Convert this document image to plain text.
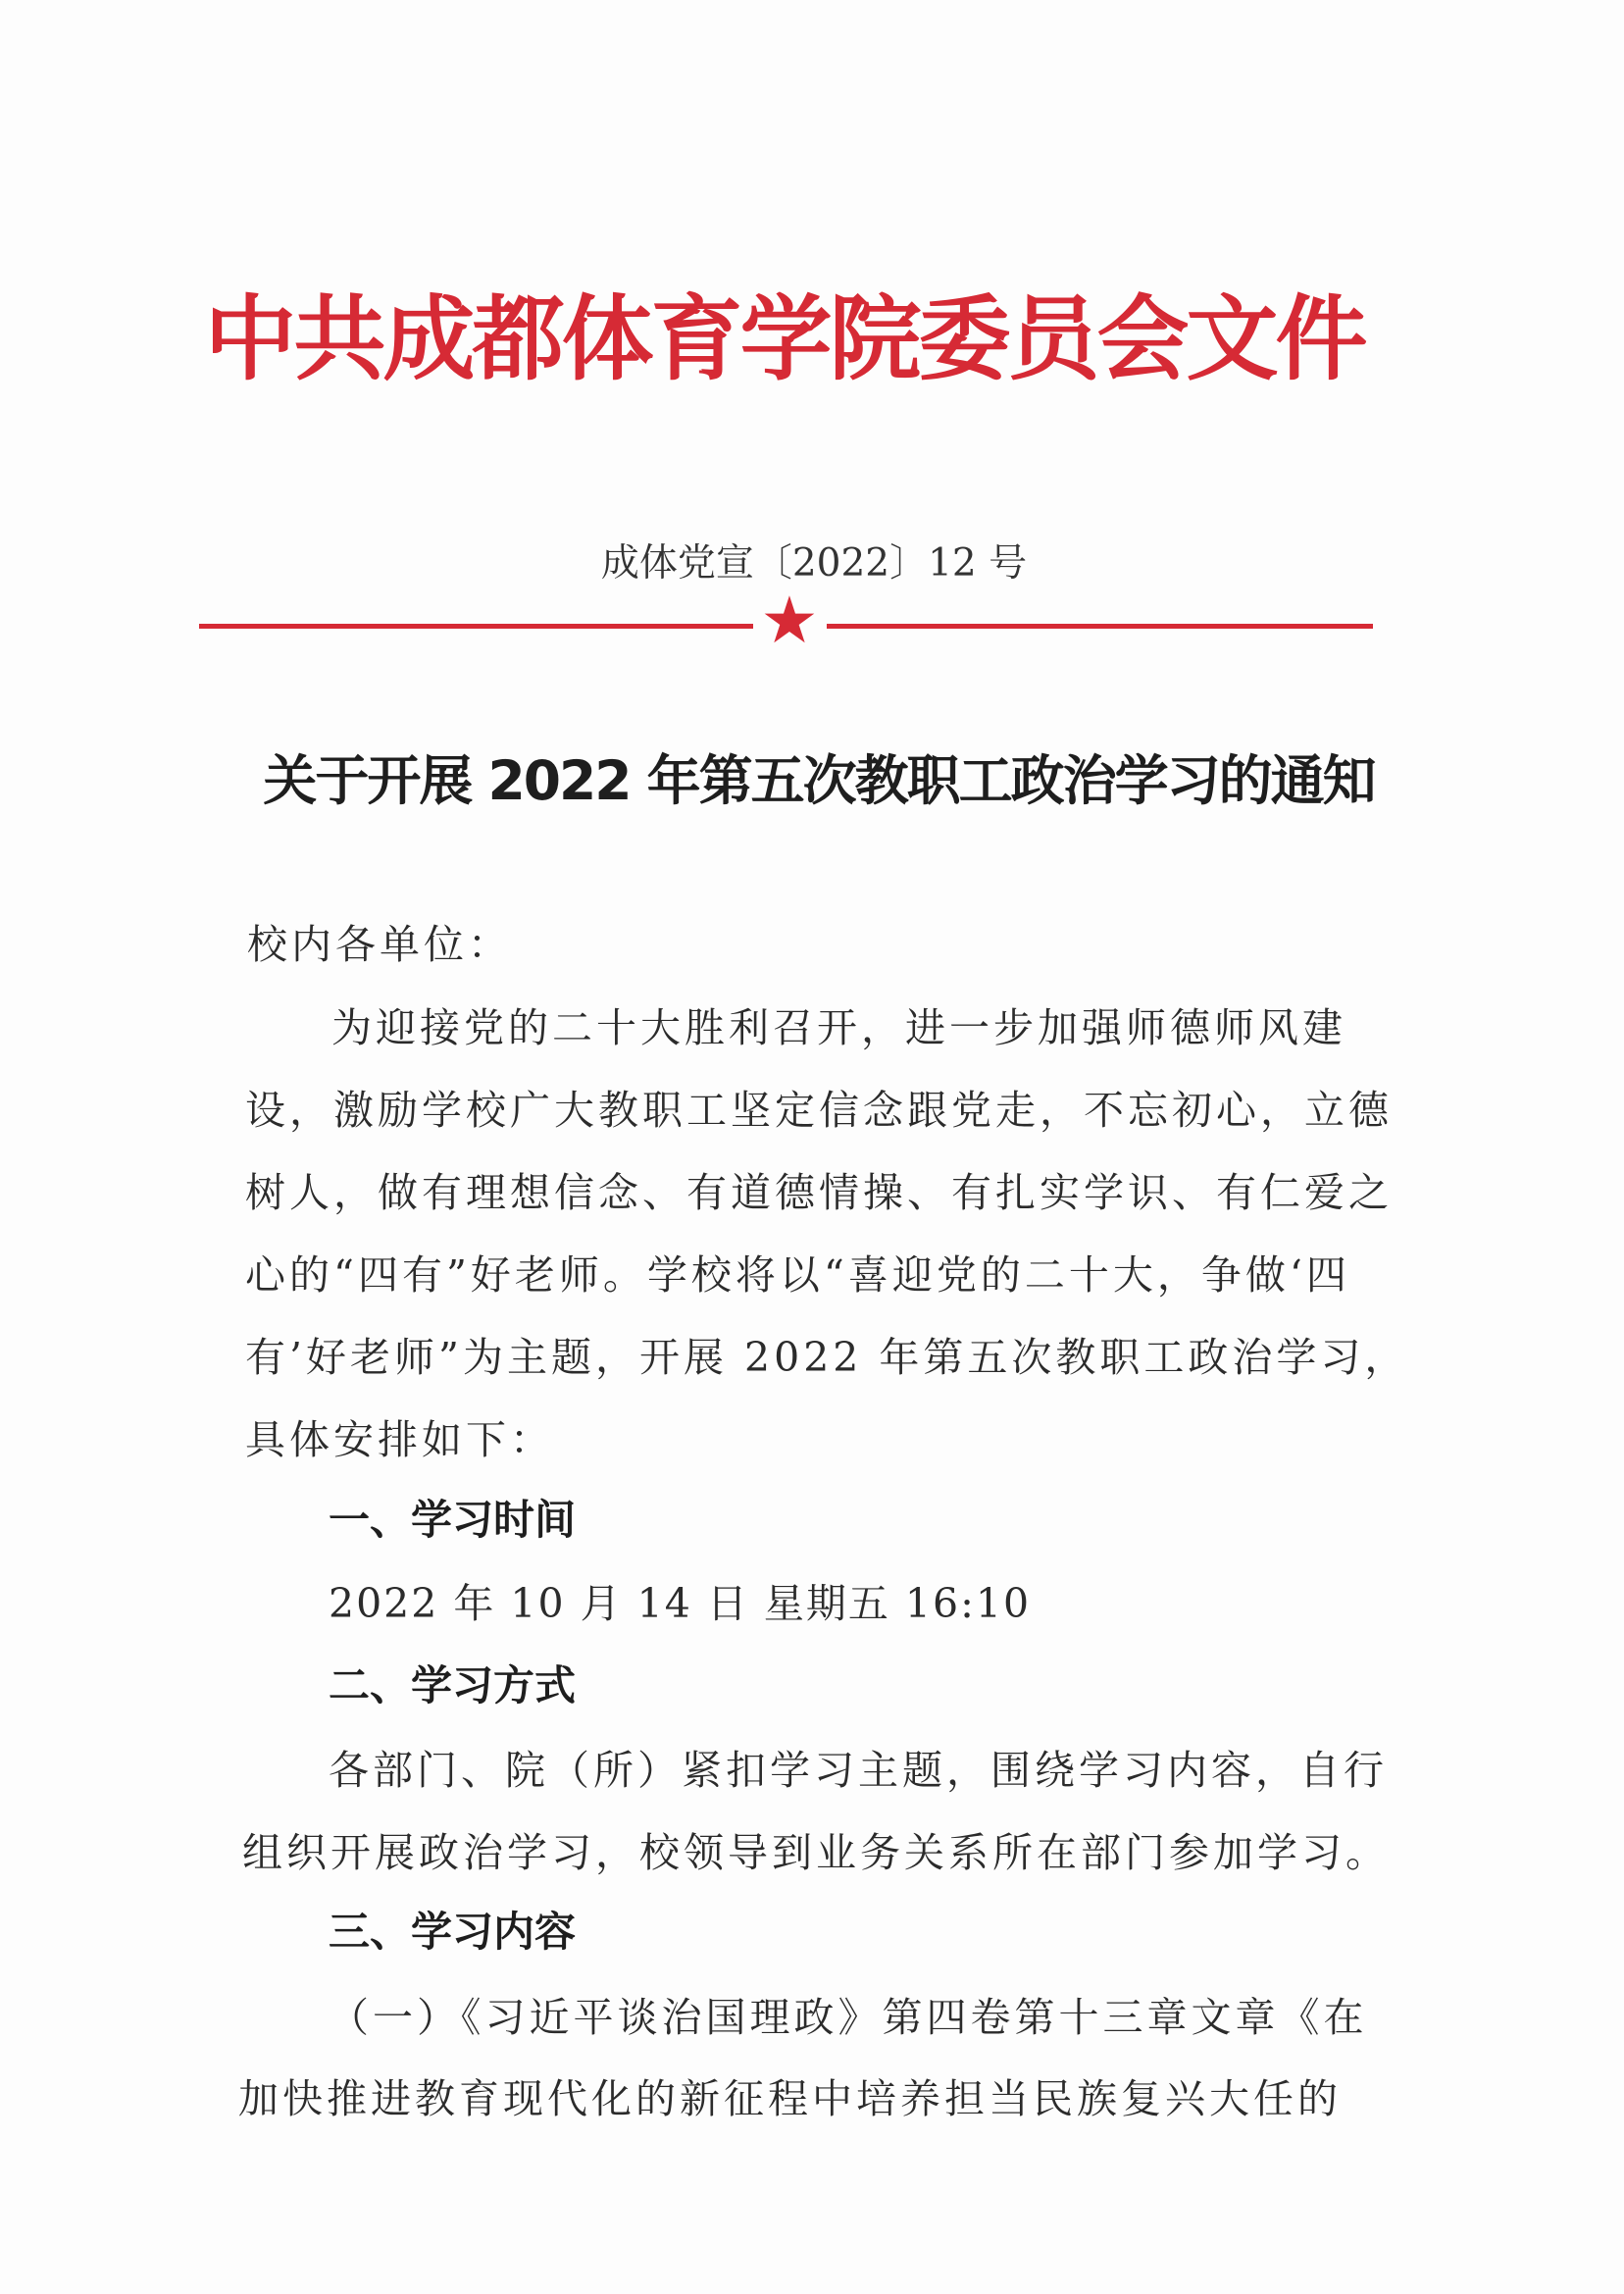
中共成都体育学院委员会文件
成体党宣〔2022〕12 号
★
关于开展 2022 年第五次教职工政治学习的通知
校内各单位：
为迎接党的二十大胜利召开，进一步加强师德师风建
设，激励学校广大教职工坚定信念跟党走，不忘初心，立德
树人，做有理想信念、有道德情操、有扎实学识、有仁爱之
心的“四有”好老师。学校将以“喜迎党的二十大，争做‘四
有’好老师”为主题，开展 2022 年第五次教职工政治学习，
具体安排如下：
一、学习时间
2022 年 10 月 14 日 星期五 16:10
二、学习方式
各部门、院（所）紧扣学习主题，围绕学习内容，自行
组织开展政治学习，校领导到业务关系所在部门参加学习。
三、学习内容
（一）《习近平谈治国理政》第四卷第十三章文章《在
加快推进教育现代化的新征程中培养担当民族复兴大任的
